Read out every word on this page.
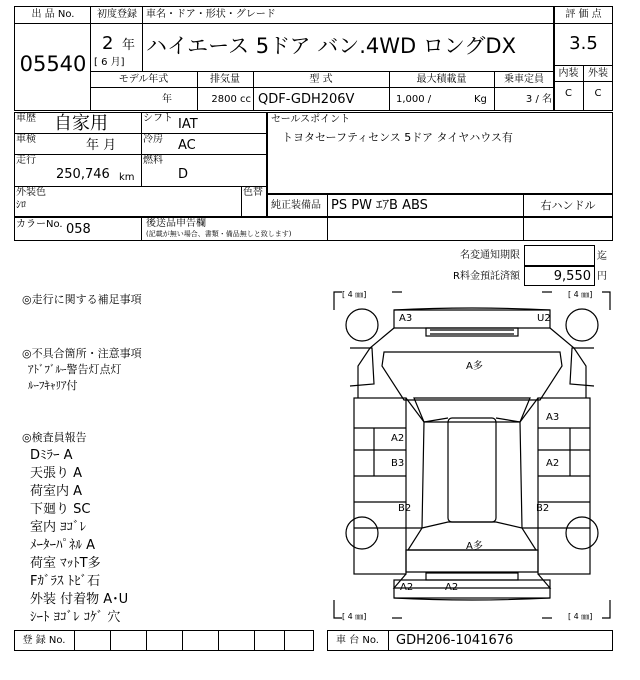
出 品 No.
05540
初度登録 車名・ドア・形状・グレード
2 年
[ 6 月]
ハイエース 5ドア バン.4WD ロングDX
モデル年式
年
排気量
2800 cc
型 式
QDF-GDH206V
最大積載量
1,000 /	Kg
乗車定員
3 / 名
評 価 点
3.5
内装 外装
C	C
車歴 自家用	シフト IAT
車検	年 月	冷房 AC
走行
250,746 km
燃料
D
外装色
ｼﾛ
色替
セールスポイント
トヨタセーフティセンス 5ドア タイヤハウス有
純正装備品 PS PW ｴｱB ABS	右ハンドル
カラーNo. 058	後送品申告欄
(記載が無い場合、書類・備品無しと致します)
名変通知期限	迄
R料金預託済額	9,550 円
◎走行に関する補足事項
◎不具合箇所・注意事項
ｱﾄﾞﾌﾞﾙｰ警告灯点灯
ﾙｰﾌｷｬﾘｱ付
◎検査員報告
Dﾐﾗｰ A
天張り A
荷室内 A
下廻り SC
室内 ﾖｺﾞﾚ
ﾒｰﾀｰﾊﾟﾈﾙ A
荷室 ﾏｯﾄT多
Fｶﾞﾗｽ ﾄﾋﾞ石
外装 付着物 A･U
ｼｰﾄ ﾖｺﾞﾚ ｺｹﾞ 穴
[ 4 ㎜]	[ 4 ㎜]
[ 4 ㎜]	[ 4 ㎜]
A3	U2
A多
A3
A2
B3	A2
B2	B2
A多
A2	A2
登 録 No.	車 台 No.	GDH206-1041676
